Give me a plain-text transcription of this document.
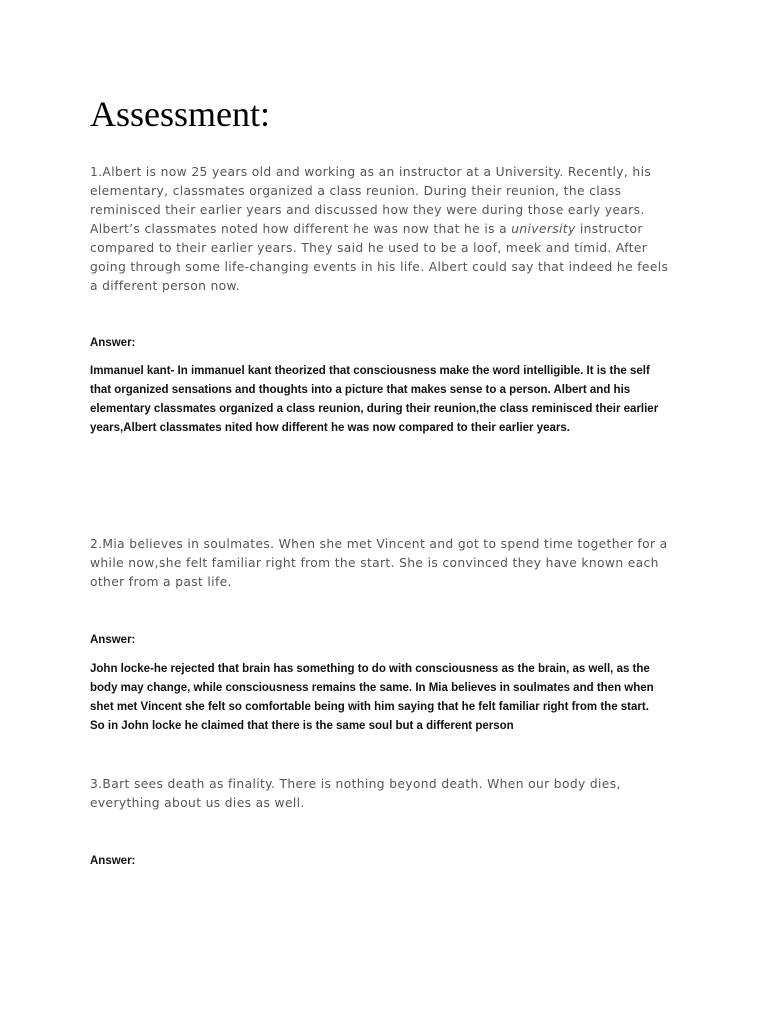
Assessment:
1.Albert is now 25 years old and working as an instructor at a University. Recently, his
elementary, classmates organized a class reunion. During their reunion, the class
reminisced their earlier years and discussed how they were during those early years.
Albert’s classmates noted how different he was now that he is a university instructor
compared to their earlier years. They said he used to be a loof, meek and timid. After
going through some life-changing events in his life. Albert could say that indeed he feels
a different person now.

Answer:

Immanuel kant- In immanuel kant theorized that consciousness make the word intelligible. It is the self
that organized sensations and thoughts into a picture that makes sense to a person. Albert and his
elementary classmates organized a class reunion, during their reunion,the class reminisced their earlier
years,Albert classmates nited how different he was now compared to their earlier years.
2.Mia believes in soulmates. When she met Vincent and got to spend time together for a
while now,she felt familiar right from the start. She is convinced they have known each
other from a past life.

Answer:

John locke-he rejected that brain has something to do with consciousness as the brain, as well, as the
body may change, while consciousness remains the same. In Mia believes in soulmates and then when
shet met Vincent she felt so comfortable being with him saying that he felt familiar right from the start.
So in John locke he claimed that there is the same soul but a different person
3.Bart sees death as finality. There is nothing beyond death. When our body dies,
everything about us dies as well.

Answer:
